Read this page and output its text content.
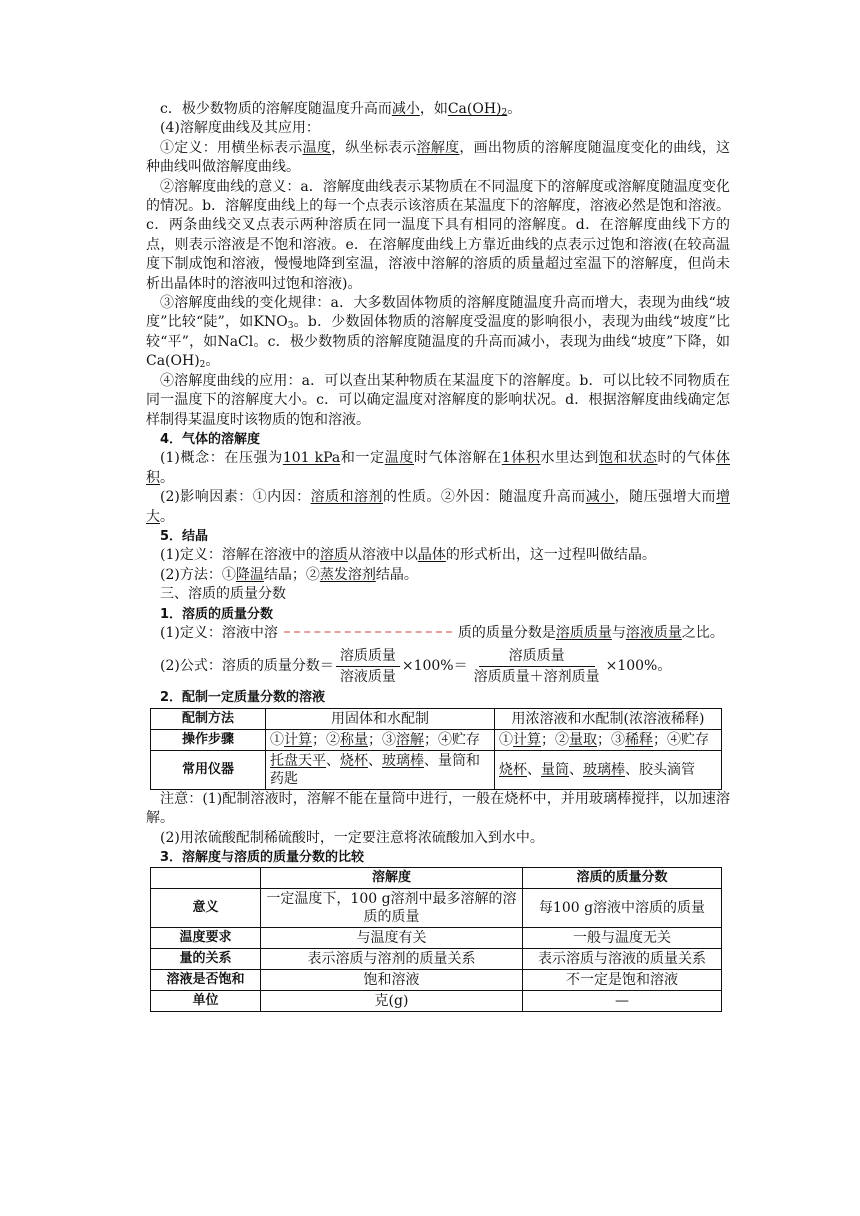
c．极少数物质的溶解度随温度升高而减小，如$Ca(OH)_2$。

(4)溶解度曲线及其应用：

①定义：用横坐标表示温度，纵坐标表示溶解度，画出物质的溶解度随温度变化的曲线，这种曲线叫做溶解度曲线。

②溶解度曲线的意义：a．溶解度曲线表示某物质在不同温度下的溶解度或溶解度随温度变化的情况。b．溶解度曲线上的每一个点表示该溶质在某温度下的溶解度，溶液必然是饱和溶液。c．两条曲线交叉点表示两种溶质在同一温度下具有相同的溶解度。d．在溶解度曲线下方的点，则表示溶液是不饱和溶液。e．在溶解度曲线上方靠近曲线的点表示过饱和溶液(在较高温度下制成饱和溶液，慢慢地降到室温，溶液中溶解的溶质的质量超过室温下的溶解度，但尚未析出晶体时的溶液叫过饱和溶液)。

③溶解度曲线的变化规律：a．大多数固体物质的溶解度随温度升高而增大，表现为曲线“坡度”比较“陡”，如$KNO_3$。b．少数固体物质的溶解度受温度的影响很小，表现为曲线“坡度”比较“平”，如NaCl。c．极少数物质的溶解度随温度的升高而减小，表现为曲线“坡度”下降，如$Ca(OH)_2$。

④溶解度曲线的应用：a．可以查出某种物质在某温度下的溶解度。b．可以比较不同物质在同一温度下的溶解度大小。c．可以确定温度对溶解度的影响状况。d．根据溶解度曲线确定怎样制得某温度时该物质的饱和溶液。

4．气体的溶解度

(1)概念：在压强为101 kPa和一定温度时气体溶解在1体积水里达到饱和状态时的气体体积。

(2)影响因素：①内因：溶质和溶剂的性质。②外因：随温度升高而减小，随压强增大而增大。

5．结晶

(1)定义：溶解在溶液中的溶质从溶液中以晶体的形式析出，这一过程叫做结晶。

(2)方法：①降温结晶；②蒸发溶剂结晶。

三、溶质的质量分数

1．溶质的质量分数

(1)定义：溶液中溶	质的质量分数是溶质质量与溶液质量之比。

(2)公式：溶质的质量分数＝ $\frac{\text{溶质质量}}{\text{溶液质量}} \times 100\%= \frac{\text{溶质质量}}{\text{溶质质量＋溶剂质量}} \times 100\%$。

2．配制一定质量分数的溶液

配制方法	用固体和水配制	用浓溶液和水配制(浓溶液稀释)
操作步骤	①计算；②称量；③溶解；④贮存	①计算；②量取；③稀释；④贮存
常用仪器	托盘天平、烧杯、玻璃棒、量筒和药匙	烧杯、量筒、玻璃棒、胶头滴管

注意：(1)配制溶液时，溶解不能在量筒中进行，一般在烧杯中，并用玻璃棒搅拌，以加速溶解。

(2)用浓硫酸配制稀硫酸时，一定要注意将浓硫酸加入到水中。

3．溶解度与溶质的质量分数的比较

	溶解度	溶质的质量分数
意义	一定温度下，100 g溶剂中最多溶解的溶质的质量	每100 g溶液中溶质的质量
温度要求	与温度有关	一般与温度无关
量的关系	表示溶质与溶剂的质量关系	表示溶质与溶液的质量关系
溶液是否饱和	饱和溶液	不一定是饱和溶液
单位	克(g)	—
